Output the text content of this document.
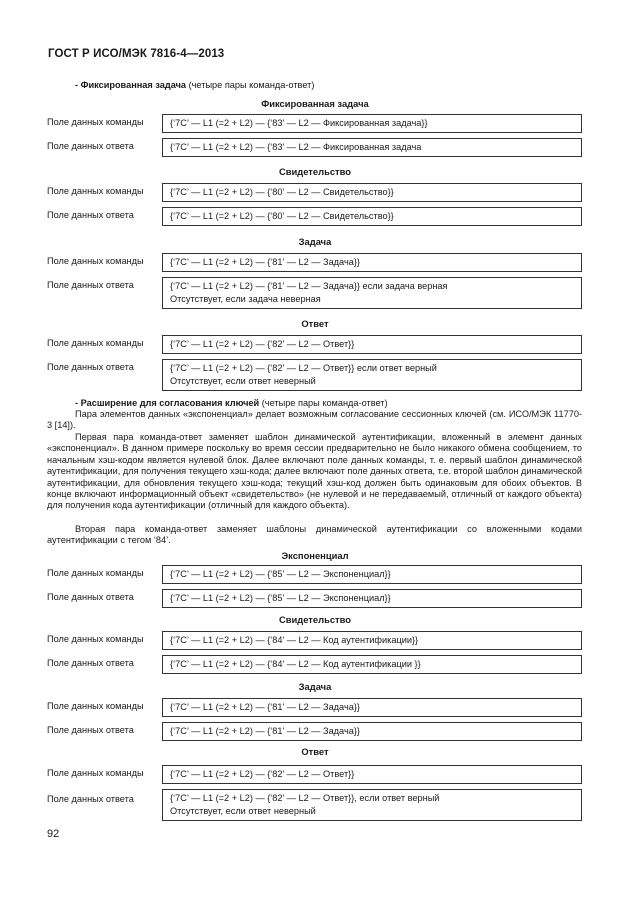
ГОСТ Р ИСО/МЭК 7816-4—2013
- Фиксированная задача (четыре пары команда-ответ)
Фиксированная задача
Поле данных команды	{‘7C’ — L1 (=2 + L2) — {‘83’ — L2 — Фиксированная задача}}
Поле данных ответа	{‘7C’ — L1 (=2 + L2) — {‘83’ — L2 — Фиксированная задача
Свидетельство
Поле данных команды	{‘7C’ — L1 (=2 + L2) — {‘80’ — L2 — Свидетельство}}
Поле данных ответа	{‘7C’ — L1 (=2 + L2) — {‘80’ — L2 — Свидетельство}}
Задача
Поле данных команды	{‘7C’ — L1 (=2 + L2) — {‘81’ — L2 — Задача}}
Поле данных ответа	{‘7C’ — L1 (=2 + L2) — {‘81’ — L2 — Задача}} если задача верная
Отсутствует, если задача неверная
Ответ
Поле данных команды	{‘7C’ — L1 (=2 + L2) — {‘82’ — L2 — Ответ}}
Поле данных ответа	{‘7C’ — L1 (=2 + L2) — {‘82’ — L2 — Ответ}} если ответ верный
Отсутствует, если ответ неверный
- Расширение для согласования ключей (четыре пары команда-ответ)
Пара элементов данных «экспоненциал» делает возможным согласование сессионных ключей (см. ИСО/МЭК 11770-3 [14]).
Первая пара команда-ответ заменяет шаблон динамической аутентификации, вложенный в элемент данных «экспоненциал». В данном примере поскольку во время сессии предварительно не было никакого обмена сообщением, то начальным хэш-кодом является нулевой блок. Далее включают поле данных команды, т. е. первый шаблон динамической аутентификации, для получения текущего хэш-кода; далее включают поле данных ответа, т.е. второй шаблон динамической аутентификации, для обновления текущего хэш-кода; текущий хэш-код должен быть одинаковым для обоих объектов. В конце включают информационный объект «свидетельство» (не нулевой и не передаваемый, отличный от каждого объекта) для получения кода аутентификации (отличный для каждого объекта).
Вторая пара команда-ответ заменяет шаблоны динамической аутентификации со вложенными кодами аутентификации с тегом ‘84’.
Экспоненциал
Поле данных команды	{‘7C’ — L1 (=2 + L2) — {‘85’ — L2 — Экспоненциал}}
Поле данных ответа	{‘7C’ — L1 (=2 + L2) — {‘85’ — L2 — Экспоненциал}}
Свидетельство
Поле данных команды	{‘7C’ — L1 (=2 + L2) — {‘84’ — L2 — Код аутентификации}}
Поле данных ответа	{‘7C’ — L1 (=2 + L2) — {‘84’ — L2 — Код аутентификации }}
Задача
Поле данных команды	{‘7C’ — L1 (=2 + L2) — {‘81’ — L2 — Задача}}
Поле данных ответа	{‘7C’ — L1 (=2 + L2) — {‘81’ — L2 — Задача}}
Ответ
Поле данных команды	{‘7C’ — L1 (=2 + L2) — {‘82’ — L2 — Ответ}}
Поле данных ответа	{‘7C’ — L1 (=2 + L2) — {‘82’ — L2 — Ответ}}, если ответ верный
Отсутствует, если ответ неверный
92
